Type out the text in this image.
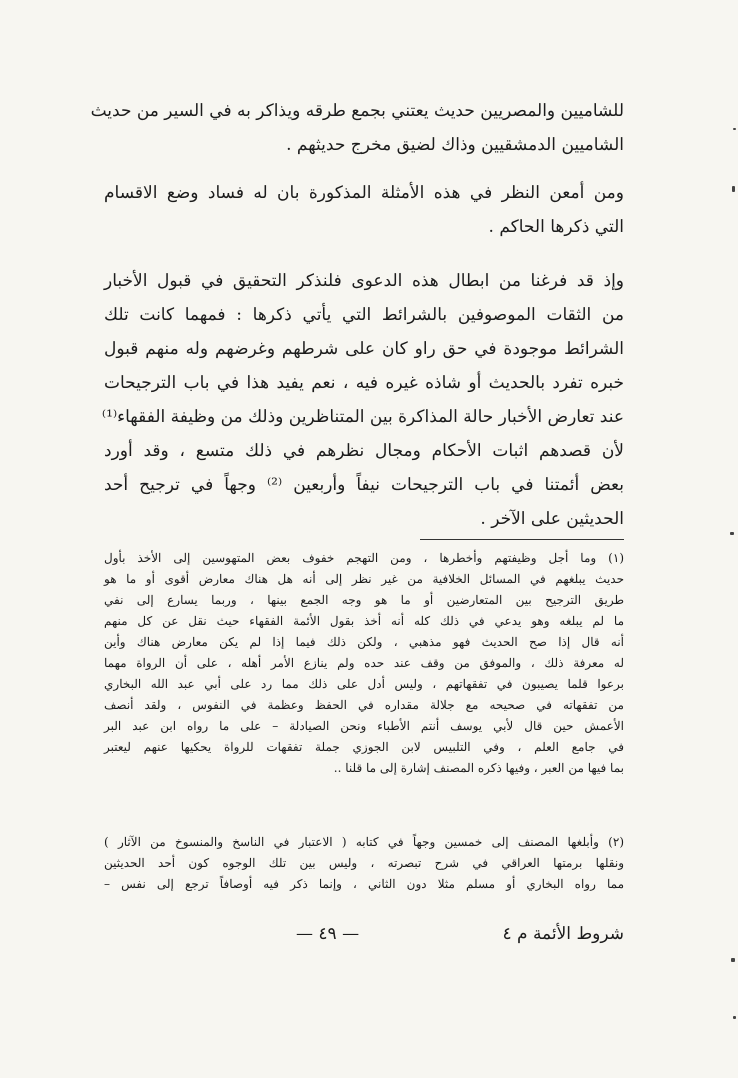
للشاميين والمصريين حديث يعتني بجمع طرقه ويذاكر به في السير من حديث
الشاميين الدمشقيين وذاك لضيق مخرج حديثهم .
ومن أمعن النظر في هذه الأمثلة المذكورة بان له فساد وضع الاقسام
التي ذكرها الحاكم .
وإذ قد فرغنا من ابطال هذه الدعوى فلنذكر التحقيق في قبول الأخبار
من الثقات الموصوفين بالشرائط التي يأتي ذكرها : فمهما كانت تلك
الشرائط موجودة في حق راو كان على شرطهم وغرضهم وله منهم قبول
خبره تفرد بالحديث أو شاذه غيره فيه ، نعم يفيد هذا في باب الترجيحات
عند تعارض الأخبار حالة المذاكرة بين المتناظرين وذلك من وظيفة الفقهاء⁽¹⁾
لأن قصدهم اثبات الأحكام ومجال نظرهم في ذلك متسع ، وقد أورد
بعض أئمتنا في باب الترجيحات نيفاً وأربعين ⁽²⁾ وجهاً في ترجيح أحد
الحديثين على الآخر .
(١) وما أجل وظيفتهم وأخطرها ، ومن التهجم خفوف بعض المتهوسين إلى الأخذ بأول
حديث يبلغهم في المسائل الخلافية من غير نظر إلى أنه هل هناك معارض أقوى أو ما هو
طريق الترجيح بين المتعارضين أو ما هو وجه الجمع بينها ، وربما يسارع إلى نفي
ما لم يبلغه وهو يدعي في ذلك كله أنه أخذ بقول الأئمة الفقهاء حيث نقل عن كل منهم
أنه قال إذا صح الحديث فهو مذهبي ، ولكن ذلك فيما إذا لم يكن معارض هناك وأين
له معرفة ذلك ، والموفق من وقف عند حده ولم ينازع الأمر أهله ، على أن الرواة مهما
برعوا قلما يصيبون في تفقهاتهم ، وليس أدل على ذلك مما رد على أبي عبد الله البخاري
من تفقهاته في صحيحه مع جلالة مقداره في الحفظ وعظمة في النفوس ، ولقد أنصف
الأعمش حين قال لأبي يوسف أنتم الأطباء ونحن الصيادلة – على ما رواه ابن عبد البر
في جامع العلم ، وفي التلبيس لابن الجوزي جملة تفقهات للرواة يحكيها عنهم ليعتبر
بما فيها من العبر ، وفيها ذكره المصنف إشارة إلى ما قلنا ..
(٢) وأبلغها المصنف إلى خمسين وجهاً في كتابه ( الاعتبار في الناسخ والمنسوخ من الآثار )
ونقلها برمتها العراقي في شرح تبصرته ، وليس بين تلك الوجوه كون أحد الحديثين
مما رواه البخاري أو مسلم مثلا دون الثاني ، وإنما ذكر فيه أوصافاً ترجع إلى نفس –
شروط الأئمة م ٤
— ٤٩ —
